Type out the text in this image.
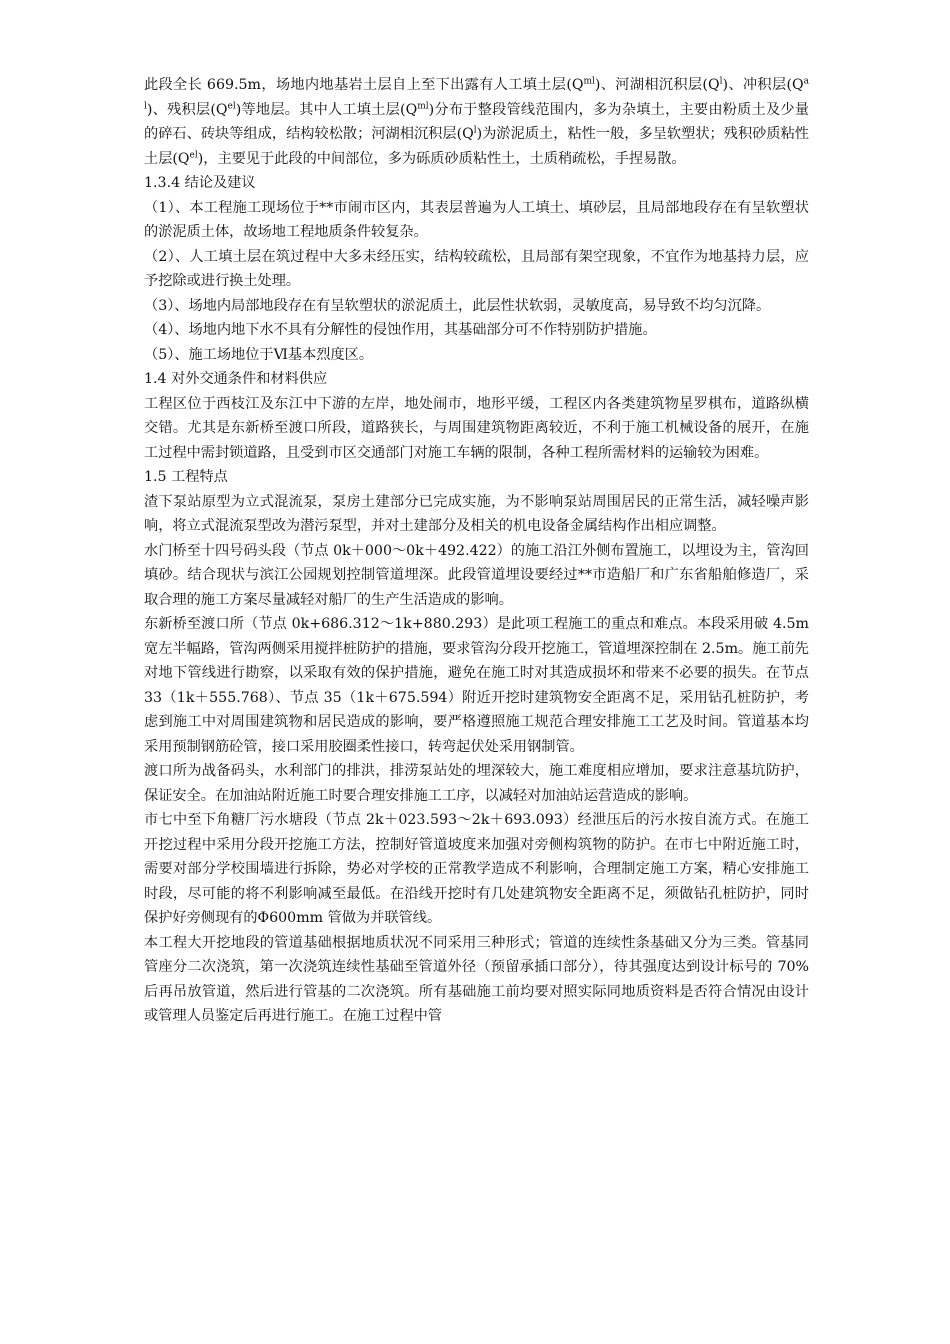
此段全长 669.5m，场地内地基岩土层自上至下出露有人工填土层$(Q^{ml})$、河湖相沉积层$(Q^l)$、冲积层$(Q^{al})$、残积层$(Q^{el})$等地层。其中人工填土层$(Q^{ml})$分布于整段管线范围内，多为杂填土，主要由粉质土及少量的碎石、砖块等组成，结构较松散；河湖相沉积层$(Q^l)$为淤泥质土，粘性一般，多呈软塑状；残积砂质粘性土层$(Q^{el})$，主要见于此段的中间部位，多为砾质砂质粘性土，土质稍疏松，手捏易散。

1.3.4 结论及建议

（1）、本工程施工现场位于**市闹市区内，其表层普遍为人工填土、填砂层，且局部地段存在有呈软塑状的淤泥质土体，故场地工程地质条件较复杂。

（2）、人工填土层在筑过程中大多未经压实，结构较疏松，且局部有架空现象，不宜作为地基持力层，应予挖除或进行换土处理。

（3）、场地内局部地段存在有呈软塑状的淤泥质土，此层性状软弱，灵敏度高，易导致不均匀沉降。

（4）、场地内地下水不具有分解性的侵蚀作用，其基础部分可不作特别防护措施。

（5）、施工场地位于Ⅵ基本烈度区。

1.4 对外交通条件和材料供应

工程区位于西枝江及东江中下游的左岸，地处闹市，地形平缓，工程区内各类建筑物星罗棋布，道路纵横交错。尤其是东新桥至渡口所段，道路狭长，与周围建筑物距离较近，不利于施工机械设备的展开，在施工过程中需封锁道路，且受到市区交通部门对施工车辆的限制，各种工程所需材料的运输较为困难。

1.5 工程特点

渣下泵站原型为立式混流泵，泵房土建部分已完成实施，为不影响泵站周围居民的正常生活，减轻噪声影响，将立式混流泵型改为潜污泵型，并对土建部分及相关的机电设备金属结构作出相应调整。

水门桥至十四号码头段（节点 0k＋000～0k＋492.422）的施工沿江外侧布置施工，以埋设为主，管沟回填砂。结合现状与滨江公园规划控制管道埋深。此段管道埋设要经过**市造船厂和广东省船舶修造厂，采取合理的施工方案尽量减轻对船厂的生产生活造成的影响。

东新桥至渡口所（节点 0k+686.312～1k+880.293）是此项工程施工的重点和难点。本段采用破 4.5m 宽左半幅路，管沟两侧采用搅拌桩防护的措施，要求管沟分段开挖施工，管道埋深控制在 2.5m。施工前先对地下管线进行勘察，以采取有效的保护措施，避免在施工时对其造成损坏和带来不必要的损失。在节点 33（1k＋555.768）、节点 35（1k＋675.594）附近开挖时建筑物安全距离不足，采用钻孔桩防护，考虑到施工中对周围建筑物和居民造成的影响，要严格遵照施工规范合理安排施工工艺及时间。管道基本均采用预制钢筋砼管，接口采用胶圈柔性接口，转弯起伏处采用钢制管。

渡口所为战备码头，水利部门的排洪，排涝泵站处的埋深较大，施工难度相应增加，要求注意基坑防护，保证安全。在加油站附近施工时要合理安排施工工序，以减轻对加油站运营造成的影响。

市七中至下角糖厂污水塘段（节点 2k＋023.593～2k＋693.093）经泄压后的污水按自流方式。在施工开挖过程中采用分段开挖施工方法，控制好管道坡度来加强对旁侧构筑物的防护。在市七中附近施工时，需要对部分学校围墙进行拆除，势必对学校的正常教学造成不利影响，合理制定施工方案，精心安排施工时段，尽可能的将不利影响减至最低。在沿线开挖时有几处建筑物安全距离不足，须做钻孔桩防护，同时保护好旁侧现有的Φ600mm 管做为并联管线。

本工程大开挖地段的管道基础根据地质状况不同采用三种形式；管道的连续性条基础又分为三类。管基同管座分二次浇筑，第一次浇筑连续性基础至管道外径（预留承插口部分），待其强度达到设计标号的 70%后再吊放管道，然后进行管基的二次浇筑。所有基础施工前均要对照实际同地质资料是否符合情况由设计或管理人员鉴定后再进行施工。在施工过程中管
